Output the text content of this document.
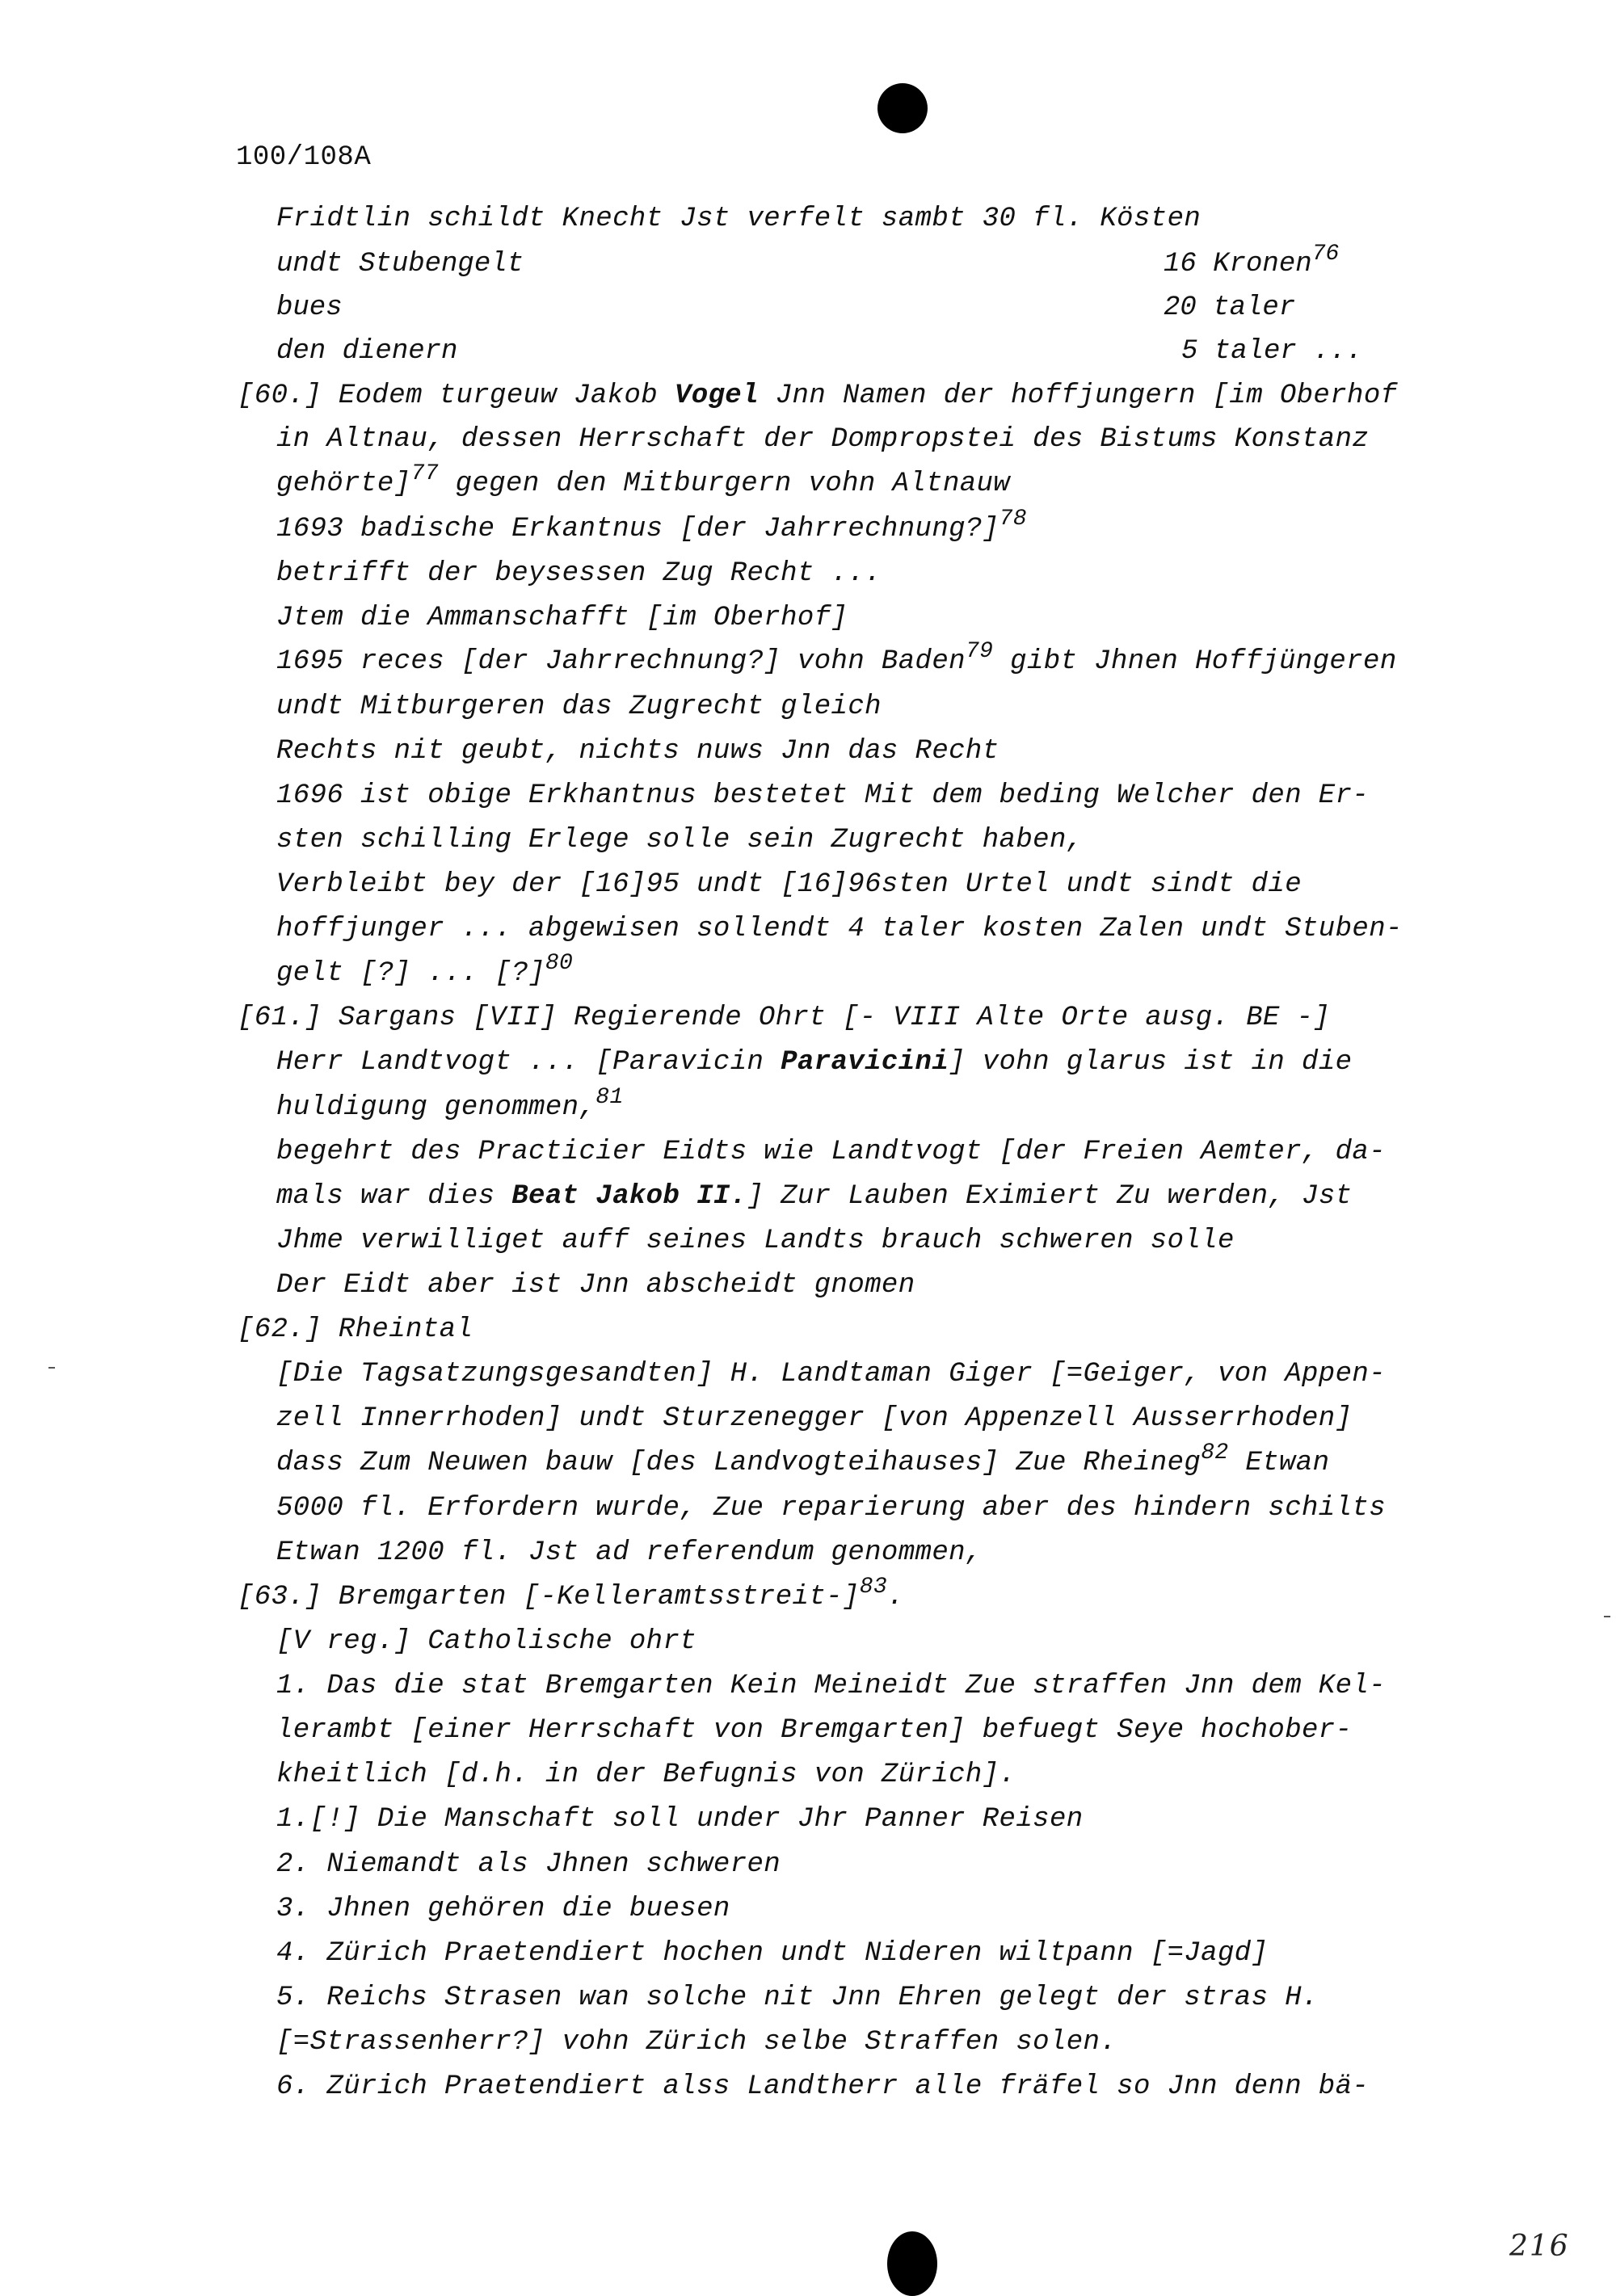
100/108A
Fridtlin schildt Knecht Jst verfelt sambt 30 fl. Kösten
undt Stubengelt	16 Kronen$^{76}$
bues	20 taler
den dienern	5 taler ...
[60.] Eodem turgeuw Jakob Vogel Jnn Namen der hoffjungern [im Oberhof
in Altnau, dessen Herrschaft der Dompropstei des Bistums Konstanz
gehörte]$^{77}$ gegen den Mitburgern vohn Altnauw
1693 badische Erkantnus [der Jahrrechnung?]$^{78}$
betrifft der beysessen Zug Recht ...
Jtem die Ammanschafft [im Oberhof]
1695 reces [der Jahrrechnung?] vohn Baden$^{79}$ gibt Jhnen Hoffjüngeren
undt Mitburgeren das Zugrecht gleich
Rechts nit geubt, nichts nuws Jnn das Recht
1696 ist obige Erkhantnus bestetet Mit dem beding Welcher den Er-
sten schilling Erlege solle sein Zugrecht haben,
Verbleibt bey der [16]95 undt [16]96sten Urtel undt sindt die
hoffjunger ... abgewisen sollendt 4 taler kosten Zalen undt Stuben-
gelt [?] ... [?]$^{80}$
[61.] Sargans [VII] Regierende Ohrt [- VIII Alte Orte ausg. BE -]
Herr Landtvogt ... [Paravicin Paravicini] vohn glarus ist in die
huldigung genommen,$^{81}$
begehrt des Practicier Eidts wie Landtvogt [der Freien Aemter, da-
mals war dies Beat Jakob II.] Zur Lauben Eximiert Zu werden, Jst
Jhme verwilliget auff seines Landts brauch schweren solle
Der Eidt aber ist Jnn abscheidt gnomen
[62.] Rheintal
[Die Tagsatzungsgesandten] H. Landtaman Giger [=Geiger, von Appen-
zell Innerrhoden] undt Sturzenegger [von Appenzell Ausserrhoden]
dass Zum Neuwen bauw [des Landvogteihauses] Zue Rheineg$^{82}$ Etwan
5000 fl. Erfordern wurde, Zue reparierung aber des hindern schilts
Etwan 1200 fl. Jst ad referendum genommen,
[63.] Bremgarten [-Kelleramtsstreit-]$^{83}$.
[V reg.] Catholische ohrt
1. Das die stat Bremgarten Kein Meineidt Zue straffen Jnn dem Kel-
lerambt [einer Herrschaft von Bremgarten] befuegt Seye hochober-
kheitlich [d.h. in der Befugnis von Zürich].
1.[!] Die Manschaft soll under Jhr Panner Reisen
2. Niemandt als Jhnen schweren
3. Jhnen gehören die buesen
4. Zürich Praetendiert hochen undt Nideren wiltpann [=Jagd]
5. Reichs Strasen wan solche nit Jnn Ehren gelegt der stras H.
[=Strassenherr?] vohn Zürich selbe Straffen solen.
6. Zürich Praetendiert alss Landtherr alle fräfel so Jnn denn bä-
216
